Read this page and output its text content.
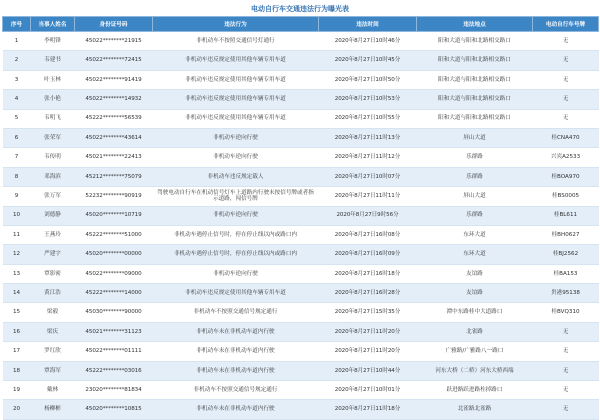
电动自行车交通违法行为曝光表
序号	当事人姓名	身份证号码	违法行为	违法时间	违法地点	电动自行车号牌
1	李明锋	45022********21915	非机动车不按照交通信号灯通行	2020年8月27日10时46分	阳和大道与阳和北路相交路口	无
2	韦建书	45022********72415	非机动车违反规定使用其他车辆专用车道	2020年8月27日10时45分	阳和大道与阳和北路相交路口	无
3	叶玉林	45022********91419	非机动车违反规定使用其他车辆专用车道	2020年8月27日10时50分	阳和大道与阳和北路相交路口	无
4	张小艳	45022********14932	非机动车违反规定使用其他车辆专用车道	2020年8月27日10时53分	阳和大道与阳和北路相交路口	无
5	韦明飞	45222********56539	非机动车违反规定使用其他车辆专用车道	2020年8月27日10时55分	阳和大道与阳和北路相交路口	无
6	张荣军	45022********43614	非机动车逆向行驶	2020年8月27日11时13分	屏山大道	桂CNA470
7	韦传明	45021********22413	非机动车逆向行驶	2020年8月27日11时12分	乐群路	兴宾A2533
8	邓海滨	45212********75079	非机动车违反规定载人	2020年8月27日10时07分	乐群路	桂BOA970
9	张万军	52232********90919	驾驶电动自行车在机动信号灯车上道路内行驶未按信号牌或者指示道路，闯信号牌	2020年8月27日11时11分	屏山大道	桂BS0005
10	刘德静	45020********10719	非机动车逆向行驶	2020年8月27日9时56分	乐群路	桂BL611
11	王燕玲	45222********51000	非机动车遇停止信号时，停在停止线以内或路口内	2020年8月27日16时08分	东环大道	桂BH0627
12	严建宇	45020********00000	非机动车遇停止信号时，停在停止线以内或路口内	2020年8月27日16时09分	东环大道	桂BJ2562
13	覃影密	45022********09000	非机动车逆向行驶	2020年8月27日16时18分	友谊路	桂BA153
14	黄江浩	45222********14000	非机动车违反规定使用其他车辆专用车道	2020年8月27日16时28分	友谊路	贵港95138
15	梁毅	45030********90000	非机动车不按照交通信号规定通行	2020年8月27日15时35分	潭中东路桂中大道路口	桂BVQ310
16	梁庆	45021********31123	非机动车未在非机动车道内行驶	2020年8月27日11时20分	北雀路	无
17	罗红欣	45022********01111	非机动车未在非机动车道内行驶	2020年8月27日11时20分	广雅路/广雅路八一路口	无
18	覃海军	45222********03016	非机动车未在非机动车道内行驶	2020年8月27日10时44分	河东大桥（二桥）河东大桥西端	无
19	戴林	23020********81834	非机动车不按照交通信号规定通行	2020年8月27日10时01分	跃进路跃进路柱掉路口	无
20	杨柳彬	45020********10815	非机动车未在非机动车道内行驶	2020年8月27日11时18分	北雀路北雀路	无
